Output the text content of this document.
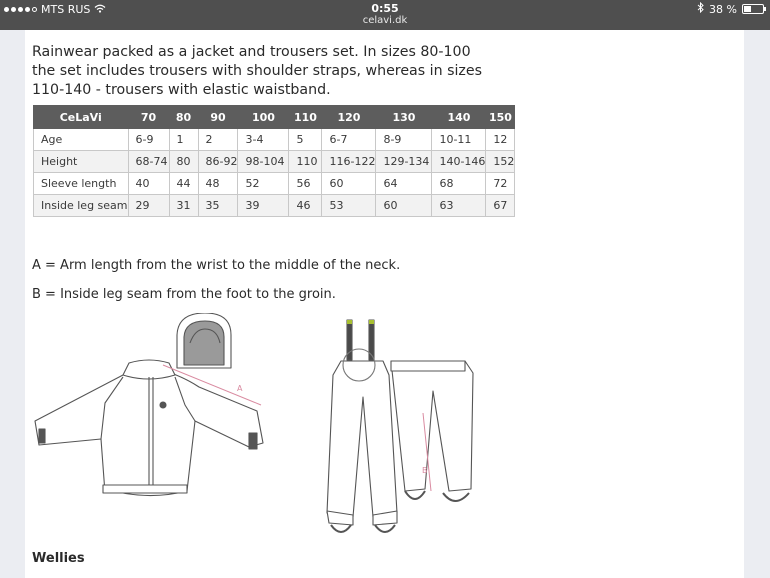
MTS RUS	0:55
celavi.dk
38 %

Rainwear packed as a jacket and trousers set. In sizes 80-100 the set includes trousers with shoulder straps, whereas in sizes 110-140 - trousers with elastic waistband.

CeLaVi	70	80	90	100	110	120	130	140	150
Age	6-9	1	2	3-4	5	6-7	8-9	10-11	12
Height	68-74	80	86-92	98-104	110	116-122	129-134	140-146	152
Sleeve length	40	44	48	52	56	60	64	68	72
Inside leg seam	29	31	35	39	46	53	60	63	67

A = Arm length from the wrist to the middle of the neck.

B = Inside leg seam from the foot to the groin.

A
B

Wellies
